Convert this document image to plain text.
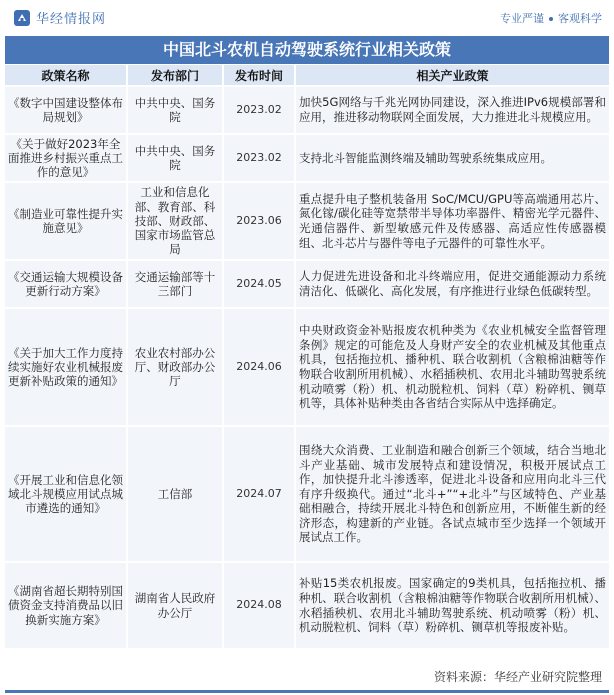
华经情报网	专业严谨 客观科学
中国北斗农机自动驾驶系统行业相关政策
政策名称	发布部门	发布时间	相关产业政策
《数字中国建设整体布局规划》	中共中央、国务院	2023.02	加快5G网络与千兆光网协同建设，深入推进IPv6规模部署和应用，推进移动物联网全面发展，大力推进北斗规模应用。
《关于做好2023年全面推进乡村振兴重点工作的意见》	中共中央、国务院	2023.02	支持北斗智能监测终端及辅助驾驶系统集成应用。
《制造业可靠性提升实施意见》	工业和信息化部、教育部、科技部、财政部、国家市场监管总局	2023.06	重点提升电子整机装备用 SoC/MCU/GPU等高端通用芯片、氮化镓/碳化硅等宽禁带半导体功率器件、精密光学元器件、光通信器件、新型敏感元件及传感器、高适应性传感器模组、北斗芯片与器件等电子元器件的可靠性水平。
《交通运输大规模设备更新行动方案》	交通运输部等十三部门	2024.05	人力促进先进设备和北斗终端应用，促进交通能源动力系统清洁化、低碳化、高化发展，有序推进行业绿色低碳转型。
《关于加大工作力度持续实施好农业机械报废更新补贴政策的通知》	农业农村部办公厅、财政部办公厅	2024.06	中央财政资金补贴报废农机种类为《农业机械安全监督管理条例》规定的可能危及人身财产安全的农业机械及其他重点机具，包括拖拉机、播种机、联合收割机（含粮棉油糖等作物联合收割所用机械）、水稻插秧机、农用北斗辅助驾驶系统机动喷雾（粉）机、机动脱粒机、饲料（草）粉碎机、铡草机等，具体补贴种类由各省结合实际从中选择确定。
《开展工业和信息化领域北斗规模应用试点城市遴选的通知》	工信部	2024.07	围绕大众消费、工业制造和融合创新三个领域，结合当地北斗产业基础、城市发展特点和建设情况，积极开展试点工作，加快提升北斗渗透率，促进北斗设备和应用向北斗三代有序升级换代。通过“北斗+”“+北斗”与区域特色、产业基础相融合，持续开展北斗特色和创新应用，不断催生新的经济形态，构建新的产业链。各试点城市至少选择一个领域开展试点工作。
《湖南省超长期特别国债资金支持消费品以旧换新实施方案》	湖南省人民政府办公厅	2024.08	补贴15类农机报废。国家确定的9类机具，包括拖拉机、播种机、联合收割机（含粮棉油糖等作物联合收割所用机械）、水稻插秧机、农用北斗辅助驾驶系统、机动喷雾（粉）机、机动脱粒机、饲料（草）粉碎机、铡草机等报废补贴。
资料来源：华经产业研究院整理
